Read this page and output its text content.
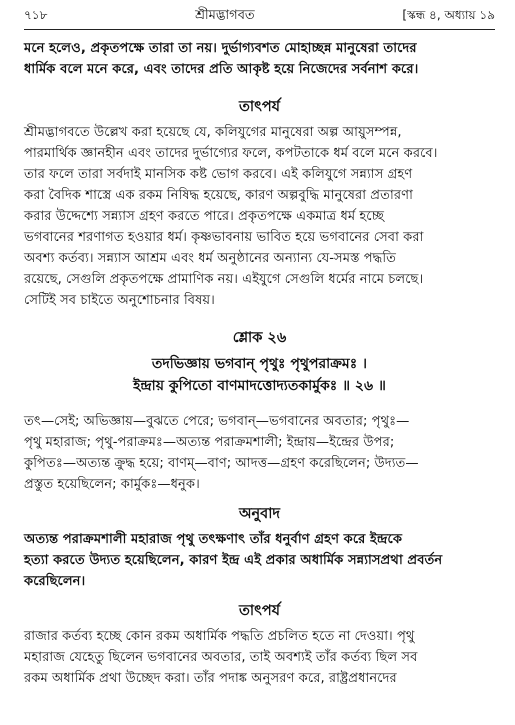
৭১৮	শ্রীমদ্ভাগবত	[স্কন্ধ ৪, অধ্যায় ১৯

মনে হলেও, প্রকৃতপক্ষে তারা তা নয়। দুর্ভাগ্যবশত মোহাচ্ছন্ন মানুষেরা তাদের

ধার্মিক বলে মনে করে, এবং তাদের প্রতি আকৃষ্ট হয়ে নিজেদের সর্বনাশ করে।

তাৎপর্য

শ্রীমদ্ভাগবতে উল্লেখ করা হয়েছে যে, কলিযুগের মানুষেরা অল্প আয়ুসম্পন্ন,

পারমার্থিক জ্ঞানহীন এবং তাদের দুর্ভাগ্যের ফলে, কপটতাকে ধর্ম বলে মনে করবে।

তার ফলে তারা সর্বদাই মানসিক কষ্ট ভোগ করবে। এই কলিযুগে সন্ন্যাস গ্রহণ

করা বৈদিক শাস্ত্রে এক রকম নিষিদ্ধ হয়েছে, কারণ অল্পবুদ্ধি মানুষেরা প্রতারণা

করার উদ্দেশ্যে সন্ন্যাস গ্রহণ করতে পারে। প্রকৃতপক্ষে একমাত্র ধর্ম হচ্ছে

ভগবানের শরণাগত হওয়ার ধর্ম। কৃষ্ণভাবনায় ভাবিত হয়ে ভগবানের সেবা করা

অবশ্য কর্তব্য। সন্ন্যাস আশ্রম এবং ধর্ম অনুষ্ঠানের অন্যান্য যে-সমস্ত পদ্ধতি

রয়েছে, সেগুলি প্রকৃতপক্ষে প্রামাণিক নয়। এইযুগে সেগুলি ধর্মের নামে চলছে।

সেটিই সব চাইতে অনুশোচনার বিষয়।

শ্লোক ২৬

তদভিজ্ঞায় ভগবান্ পৃথুঃ পৃথুপরাক্রমঃ ।

ইন্দ্রায় কুপিতো বাণমাদত্তোদ্যতকার্মুকঃ ॥ ২৬ ॥

তৎ—সেই; অভিজ্ঞায়—বুঝতে পেরে; ভগবান্—ভগবানের অবতার; পৃথুঃ—

পৃথু মহারাজ; পৃথু-পরাক্রমঃ—অত্যন্ত পরাক্রমশালী; ইন্দ্রায়—ইন্দ্রের উপর;

কুপিতঃ—অত্যন্ত ক্রুদ্ধ হয়ে; বাণম্—বাণ; আদত্ত—গ্রহণ করেছিলেন; উদ্যত—

প্রস্তুত হয়েছিলেন; কার্মুকঃ—ধনুক।

অনুবাদ

অত্যন্ত পরাক্রমশালী মহারাজ পৃথু তৎক্ষণাৎ তাঁর ধনুর্বাণ গ্রহণ করে ইন্দ্রকে

হত্যা করতে উদ্যত হয়েছিলেন, কারণ ইন্দ্র এই প্রকার অধার্মিক সন্ন্যাসপ্রথা প্রবর্তন

করেছিলেন।

তাৎপর্য

রাজার কর্তব্য হচ্ছে কোন রকম অধার্মিক পদ্ধতি প্রচলিত হতে না দেওয়া। পৃথু

মহারাজ যেহেতু ছিলেন ভগবানের অবতার, তাই অবশ্যই তাঁর কর্তব্য ছিল সব

রকম অধার্মিক প্রথা উচ্ছেদ করা। তাঁর পদাঙ্ক অনুসরণ করে, রাষ্ট্রপ্রধানদের
